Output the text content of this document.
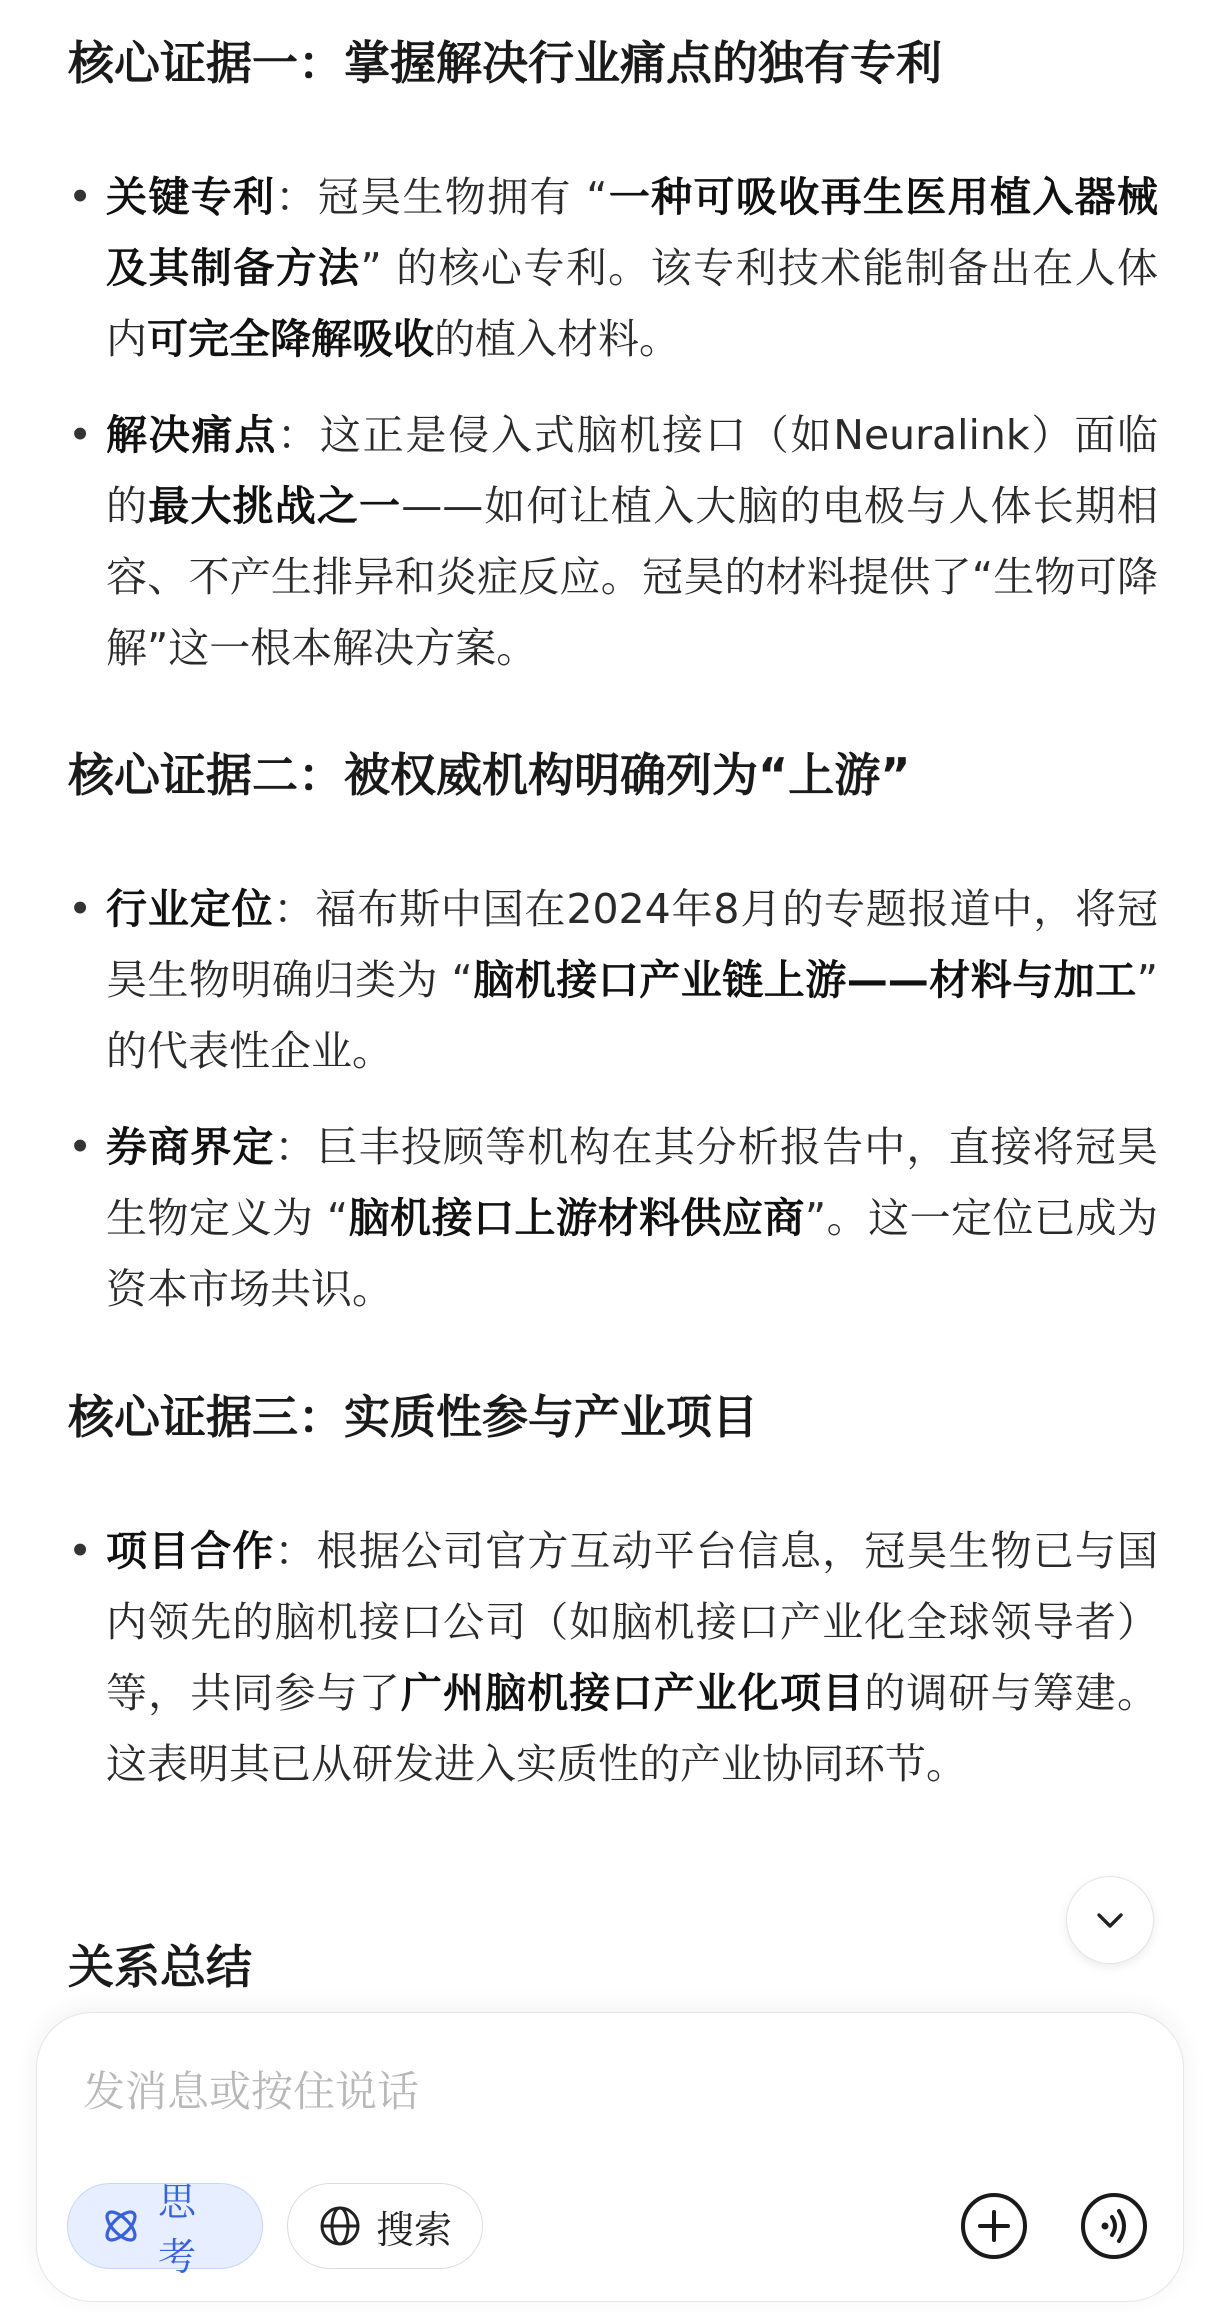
核心证据一：掌握解决行业痛点的独有专利
• 关键专利：冠昊生物拥有 “一种可吸收再生医用植入器械及其制备方法” 的核心专利。该专利技术能制备出在人体内可完全降解吸收的植入材料。
• 解决痛点：这正是侵入式脑机接口（如Neuralink）面临的最大挑战之一——如何让植入大脑的电极与人体长期相容、不产生排异和炎症反应。冠昊的材料提供了“生物可降解”这一根本解决方案。
核心证据二：被权威机构明确列为“上游”
• 行业定位：福布斯中国在2024年8月的专题报道中，将冠昊生物明确归类为 “脑机接口产业链上游——材料与加工” 的代表性企业。
• 券商界定：巨丰投顾等机构在其分析报告中，直接将冠昊生物定义为 “脑机接口上游材料供应商”。这一定位已成为资本市场共识。
核心证据三：实质性参与产业项目
• 项目合作：根据公司官方互动平台信息，冠昊生物已与国内领先的脑机接口公司（如脑机接口产业化全球领导者）等，共同参与了广州脑机接口产业化项目的调研与筹建。这表明其已从研发进入实质性的产业协同环节。
关系总结
发消息或按住说话
思考
搜索
